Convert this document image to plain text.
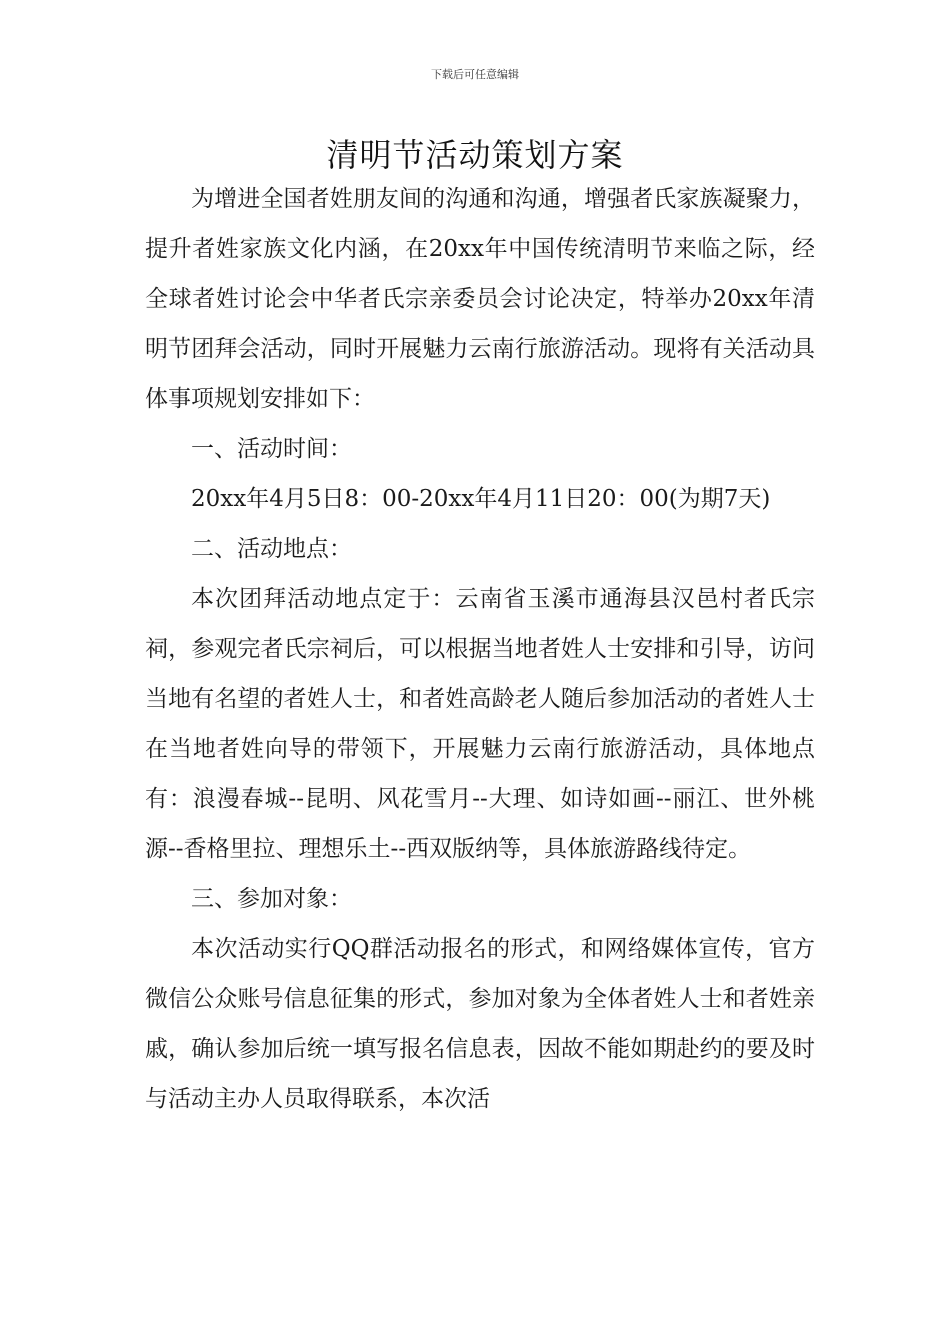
下载后可任意编辑
清明节活动策划方案

为增进全国者姓朋友间的沟通和沟通，增强者氏家族凝聚力，提升者姓家族文化内涵，在20xx年中国传统清明节来临之际，经全球者姓讨论会中华者氏宗亲委员会讨论决定，特举办20xx年清明节团拜会活动，同时开展魅力云南行旅游活动。现将有关活动具体事项规划安排如下：

一、活动时间：

20xx年4月5日8：00-20xx年4月11日20：00(为期7天)

二、活动地点：

本次团拜活动地点定于：云南省玉溪市通海县汉邑村者氏宗祠，参观完者氏宗祠后，可以根据当地者姓人士安排和引导，访问当地有名望的者姓人士，和者姓高龄老人随后参加活动的者姓人士在当地者姓向导的带领下，开展魅力云南行旅游活动，具体地点有：浪漫春城--昆明、风花雪月--大理、如诗如画--丽江、世外桃源--香格里拉、理想乐土--西双版纳等，具体旅游路线待定。

三、参加对象：

本次活动实行QQ群活动报名的形式，和网络媒体宣传，官方微信公众账号信息征集的形式，参加对象为全体者姓人士和者姓亲戚，确认参加后统一填写报名信息表，因故不能如期赴约的要及时与活动主办人员取得联系，本次活
